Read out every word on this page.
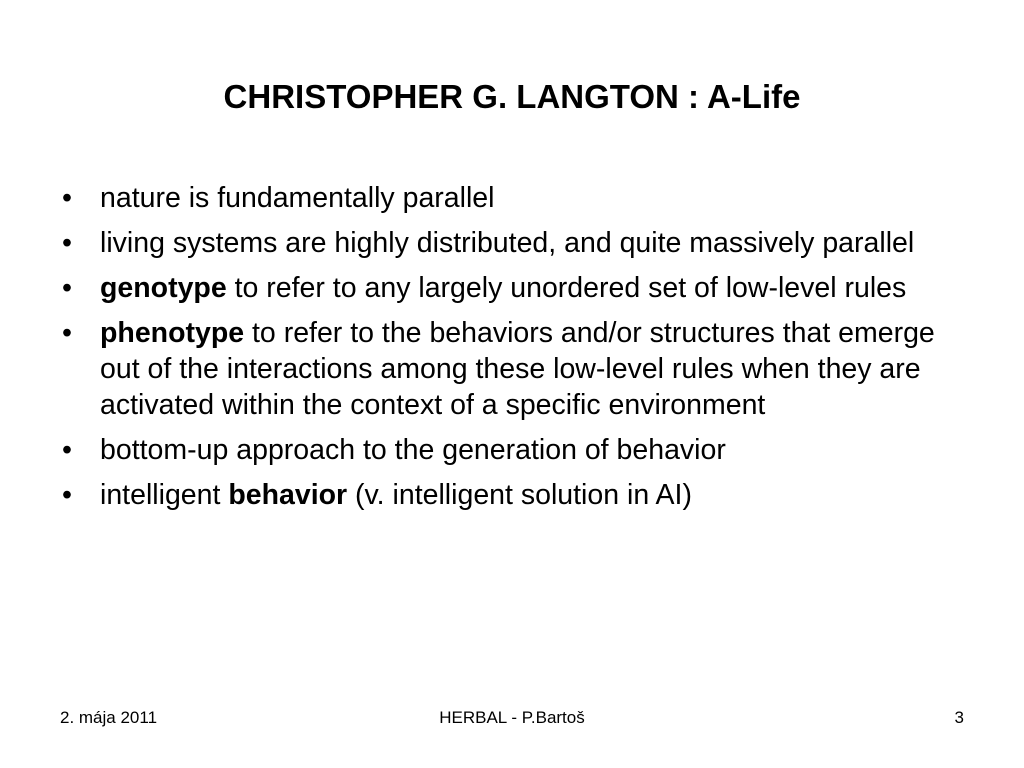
CHRISTOPHER G. LANGTON : A-Life
• nature is fundamentally parallel
• living systems are highly distributed, and quite massively parallel
• genotype to refer to any largely unordered set of low-level rules
• phenotype to refer to the behaviors and/or structures that emerge out of the interactions among these low-level rules when they are activated within the context of a specific environment
• bottom-up approach to the generation of behavior
• intelligent behavior (v. intelligent solution in AI)
2. mája 2011	HERBAL - P.Bartoš	3
